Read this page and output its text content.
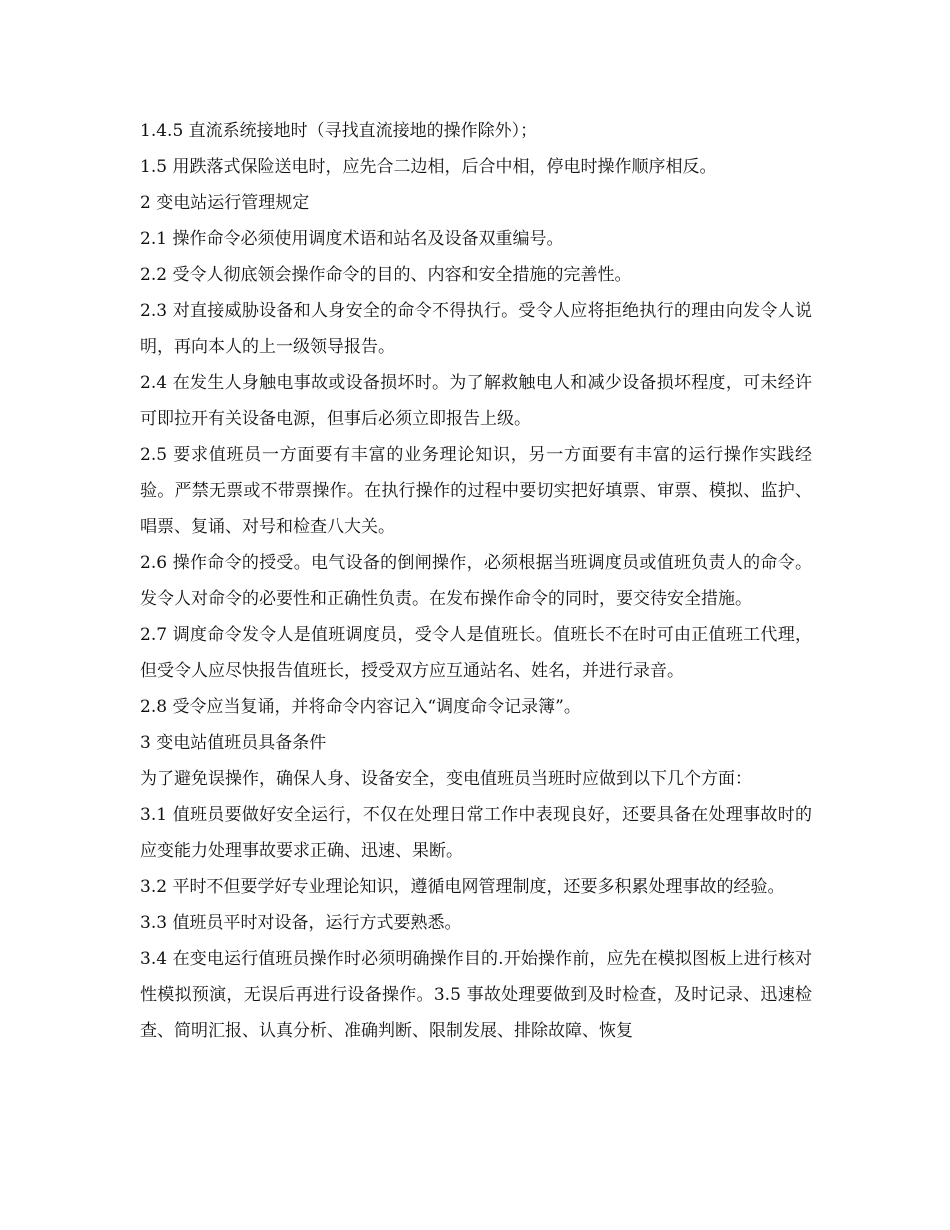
1.4.5 直流系统接地时（寻找直流接地的操作除外）；

1.5 用跌落式保险送电时，应先合二边相，后合中相，停电时操作顺序相反。

2 变电站运行管理规定

2.1 操作命令必须使用调度术语和站名及设备双重编号。

2.2 受令人彻底领会操作命令的目的、内容和安全措施的完善性。

2.3 对直接威胁设备和人身安全的命令不得执行。受令人应将拒绝执行的理由向发令人说明，再向本人的上一级领导报告。

2.4 在发生人身触电事故或设备损坏时。为了解救触电人和减少设备损坏程度，可未经许可即拉开有关设备电源，但事后必须立即报告上级。

2.5 要求值班员一方面要有丰富的业务理论知识，另一方面要有丰富的运行操作实践经验。严禁无票或不带票操作。在执行操作的过程中要切实把好填票、审票、模拟、监护、唱票、复诵、对号和检查八大关。

2.6 操作命令的授受。电气设备的倒闸操作，必须根据当班调度员或值班负责人的命令。发令人对命令的必要性和正确性负责。在发布操作命令的同时，要交待安全措施。

2.7 调度命令发令人是值班调度员，受令人是值班长。值班长不在时可由正值班工代理，但受令人应尽快报告值班长，授受双方应互通站名、姓名，并进行录音。

2.8 受令应当复诵，并将命令内容记入“调度命令记录簿”。

3 变电站值班员具备条件

为了避免误操作，确保人身、设备安全，变电值班员当班时应做到以下几个方面：

3.1 值班员要做好安全运行，不仅在处理日常工作中表现良好，还要具备在处理事故时的应变能力处理事故要求正确、迅速、果断。

3.2 平时不但要学好专业理论知识，遵循电网管理制度，还要多积累处理事故的经验。

3.3 值班员平时对设备，运行方式要熟悉。

3.4 在变电运行值班员操作时必须明确操作目的.开始操作前，应先在模拟图板上进行核对性模拟预演，无误后再进行设备操作。3.5 事故处理要做到及时检查，及时记录、迅速检查、简明汇报、认真分析、准确判断、限制发展、排除故障、恢复
